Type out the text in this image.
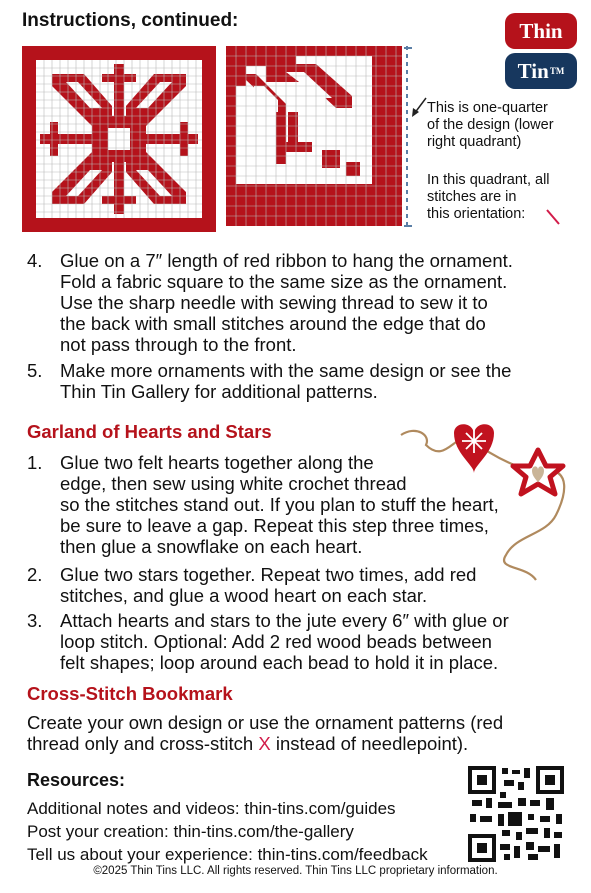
Instructions, continued:	Thin
Tin TM
This is one-quarter
of the design (lower
right quadrant)
In this quadrant, all
stitches are in
this orientation:
4. Glue on a 7″ length of red ribbon to hang the ornament.
Fold a fabric square to the same size as the ornament.
Use the sharp needle with sewing thread to sew it to
the back with small stitches around the edge that do
not pass through to the front.
5. Make more ornaments with the same design or see the
Thin Tin Gallery for additional patterns.
Garland of Hearts and Stars
1. Glue two felt hearts together along the
edge, then sew using white crochet thread
so the stitches stand out. If you plan to stuff the heart,
be sure to leave a gap. Repeat this step three times,
then glue a snowflake on each heart.
2. Glue two stars together. Repeat two times, add red
stitches, and glue a wood heart on each star.
3. Attach hearts and stars to the jute every 6″ with glue or
loop stitch. Optional: Add 2 red wood beads between
felt shapes; loop around each bead to hold it in place.
Cross-Stitch Bookmark
Create your own design or use the ornament patterns (red
thread only and cross-stitch X instead of needlepoint).
Resources:
Additional notes and videos: thin-tins.com/guides
Post your creation: thin-tins.com/the-gallery
Tell us about your experience: thin-tins.com/feedback
©2025 Thin Tins LLC. All rights reserved. Thin Tins LLC proprietary information.
